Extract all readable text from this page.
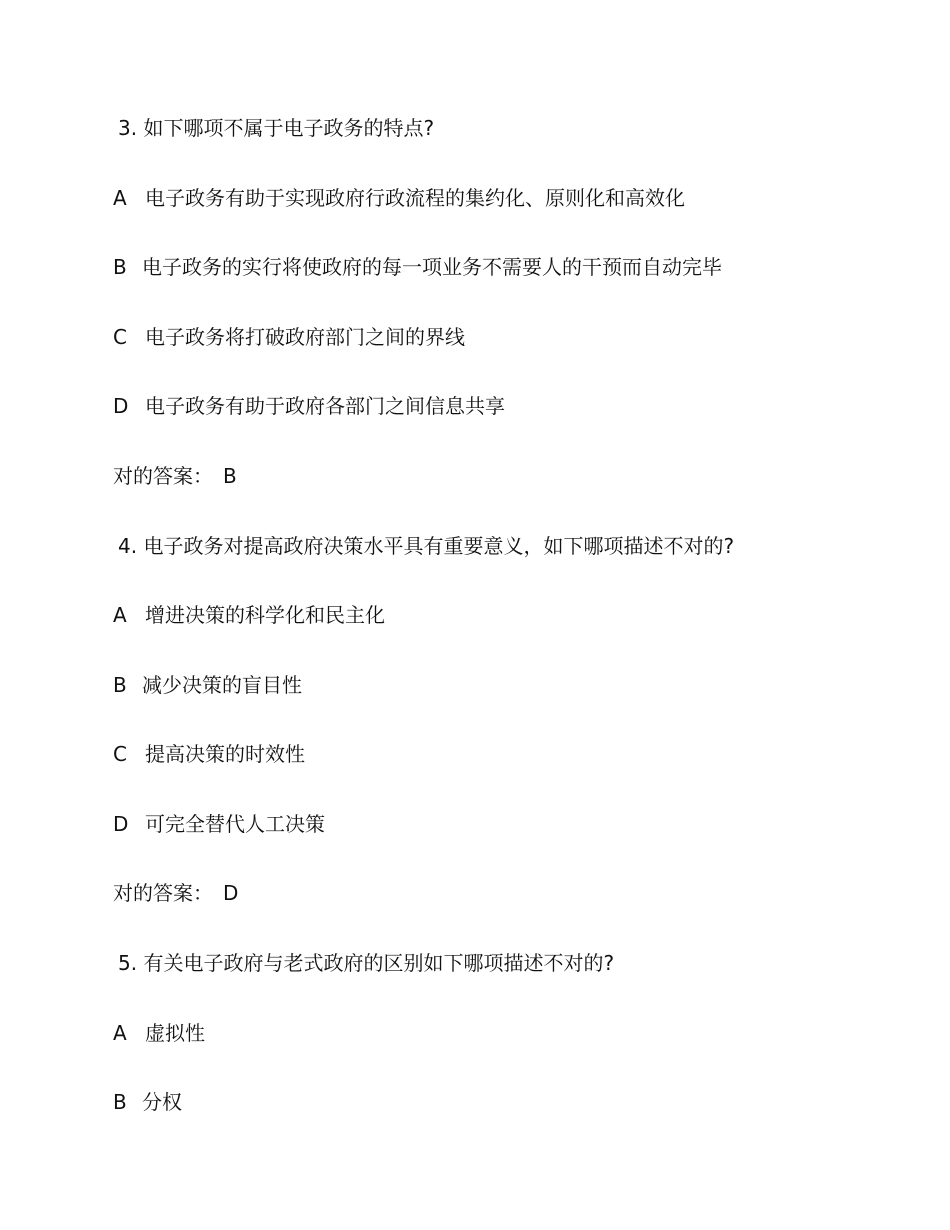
3. 如下哪项不属于电子政务的特点?
A 电子政务有助于实现政府行政流程的集约化、原则化和高效化
B 电子政务的实行将使政府的每一项业务不需要人的干预而自动完毕
C 电子政务将打破政府部门之间的界线
D 电子政务有助于政府各部门之间信息共享
对的答案： B
4. 电子政务对提高政府决策水平具有重要意义，如下哪项描述不对的?
A 增进决策的科学化和民主化
B 减少决策的盲目性
C 提高决策的时效性
D 可完全替代人工决策
对的答案： D
5. 有关电子政府与老式政府的区别如下哪项描述不对的?
A 虚拟性
B 分权
